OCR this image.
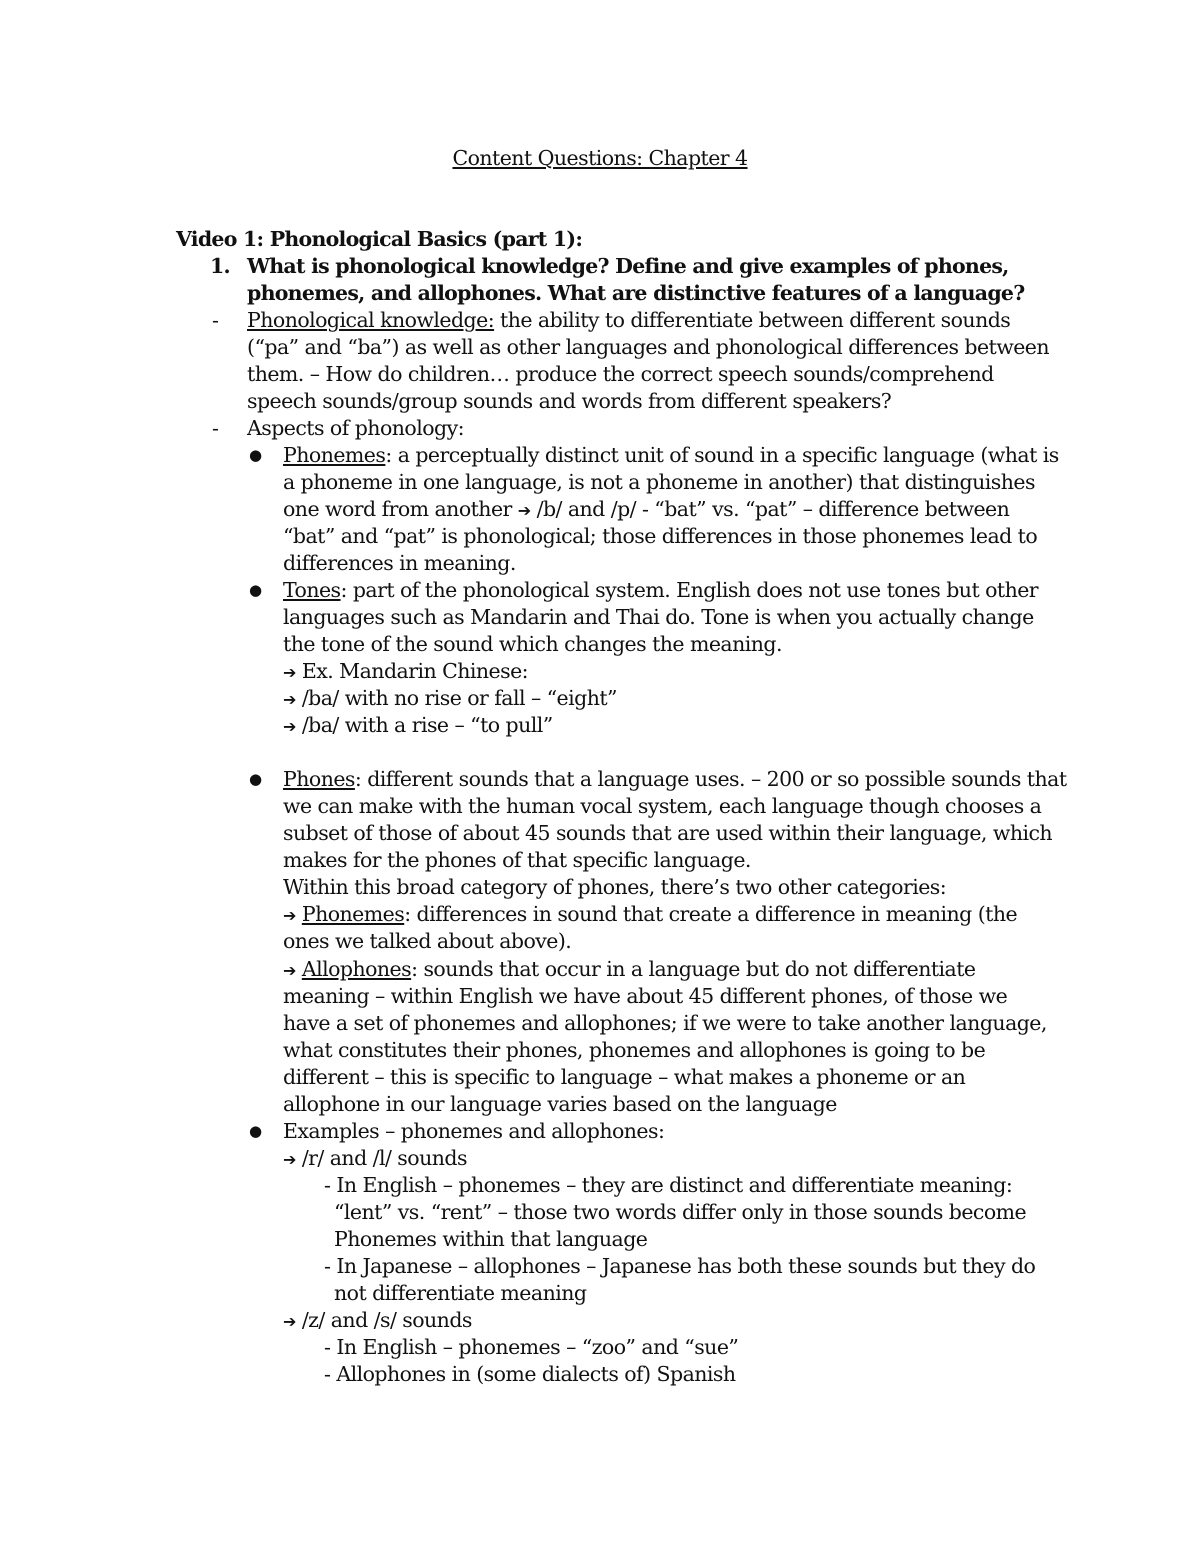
Content Questions: Chapter 4

Video 1: Phonological Basics (part 1):

1. What is phonological knowledge? Define and give examples of phones,

phonemes, and allophones. What are distinctive features of a language?

- Phonological knowledge: the ability to differentiate between different sounds

(“pa” and “ba”) as well as other languages and phonological differences between

them. – How do children… produce the correct speech sounds/comprehend

speech sounds/group sounds and words from different speakers?

- Aspects of phonology:

● Phonemes: a perceptually distinct unit of sound in a specific language (what is

a phoneme in one language, is not a phoneme in another) that distinguishes

one word from another ➔ /b/ and /p/ - “bat” vs. “pat” – difference between

“bat” and “pat” is phonological; those differences in those phonemes lead to

differences in meaning.

● Tones: part of the phonological system. English does not use tones but other

languages such as Mandarin and Thai do. Tone is when you actually change

the tone of the sound which changes the meaning.

➔ Ex. Mandarin Chinese:

➔ /ba/ with no rise or fall – “eight”

➔ /ba/ with a rise – “to pull”

● Phones: different sounds that a language uses. – 200 or so possible sounds that

we can make with the human vocal system, each language though chooses a

subset of those of about 45 sounds that are used within their language, which

makes for the phones of that specific language.

Within this broad category of phones, there’s two other categories:

➔ Phonemes: differences in sound that create a difference in meaning (the

ones we talked about above).

➔ Allophones: sounds that occur in a language but do not differentiate

meaning – within English we have about 45 different phones, of those we

have a set of phonemes and allophones; if we were to take another language,

what constitutes their phones, phonemes and allophones is going to be

different – this is specific to language – what makes a phoneme or an

allophone in our language varies based on the language

● Examples – phonemes and allophones:

➔ /r/ and /l/ sounds

- In English – phonemes – they are distinct and differentiate meaning:

“lent” vs. “rent” – those two words differ only in those sounds become

Phonemes within that language

- In Japanese – allophones – Japanese has both these sounds but they do

not differentiate meaning

➔ /z/ and /s/ sounds

- In English – phonemes – “zoo” and “sue”

- Allophones in (some dialects of) Spanish
